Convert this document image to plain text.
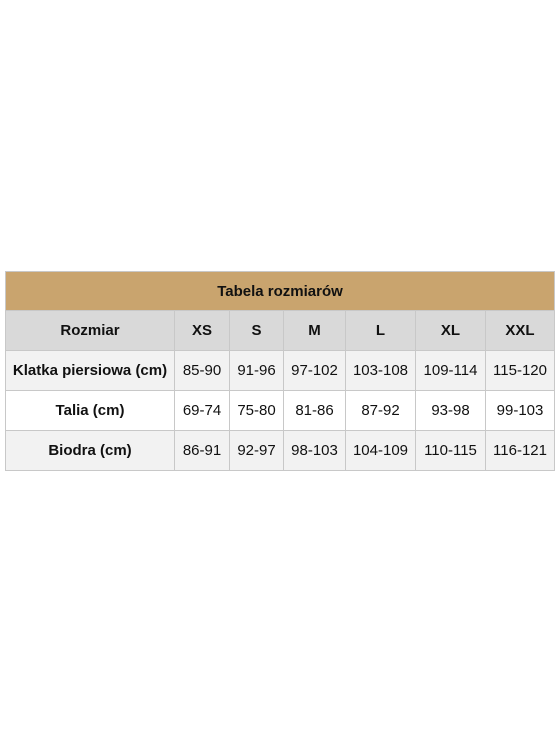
Tabela rozmiarów						
Rozmiar	XS	S	M	L	XL	XXL
Klatka piersiowa (cm)	85-90	91-96	97-102	103-108	109-114	115-120
Talia (cm)	69-74	75-80	81-86	87-92	93-98	99-103
Biodra (cm)	86-91	92-97	98-103	104-109	110-115	116-121
